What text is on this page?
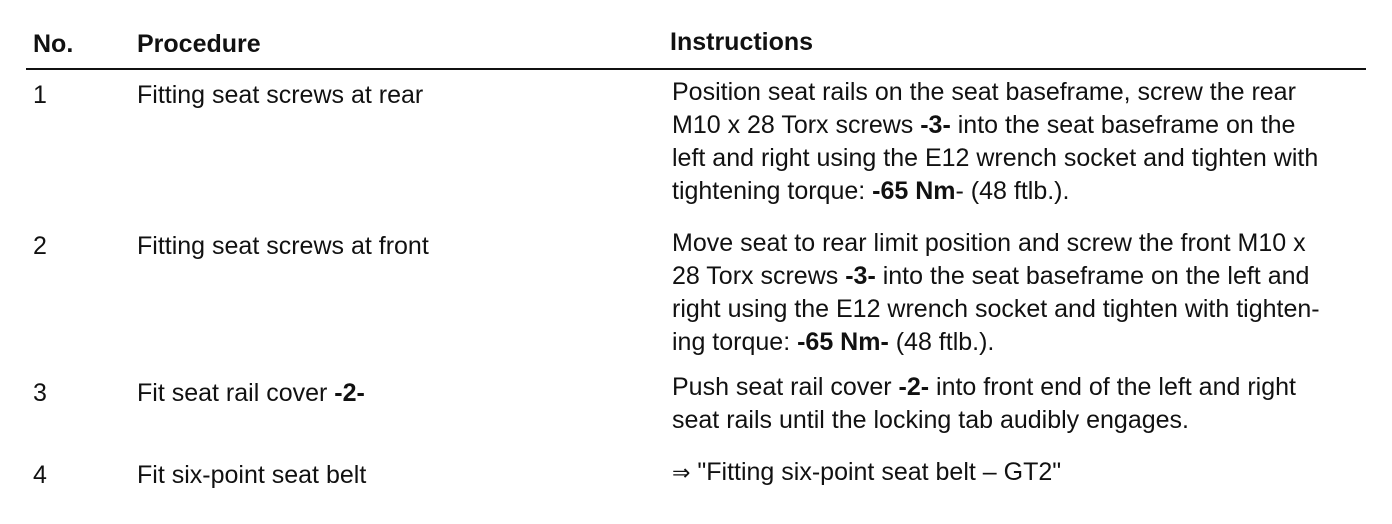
No.	Procedure	Instructions
1	Fitting seat screws at rear	Position seat rails on the seat baseframe, screw the rear
M10 x 28 Torx screws -3- into the seat baseframe on the
left and right using the E12 wrench socket and tighten with
tightening torque: -65 Nm- (48 ftlb.).
2	Fitting seat screws at front	Move seat to rear limit position and screw the front M10 x
28 Torx screws -3- into the seat baseframe on the left and
right using the E12 wrench socket and tighten with tighten-
ing torque: -65 Nm- (48 ftlb.).
3	Fit seat rail cover -2-	Push seat rail cover -2- into front end of the left and right
seat rails until the locking tab audibly engages.
4	Fit six-point seat belt	⇒ "Fitting six-point seat belt – GT2"
